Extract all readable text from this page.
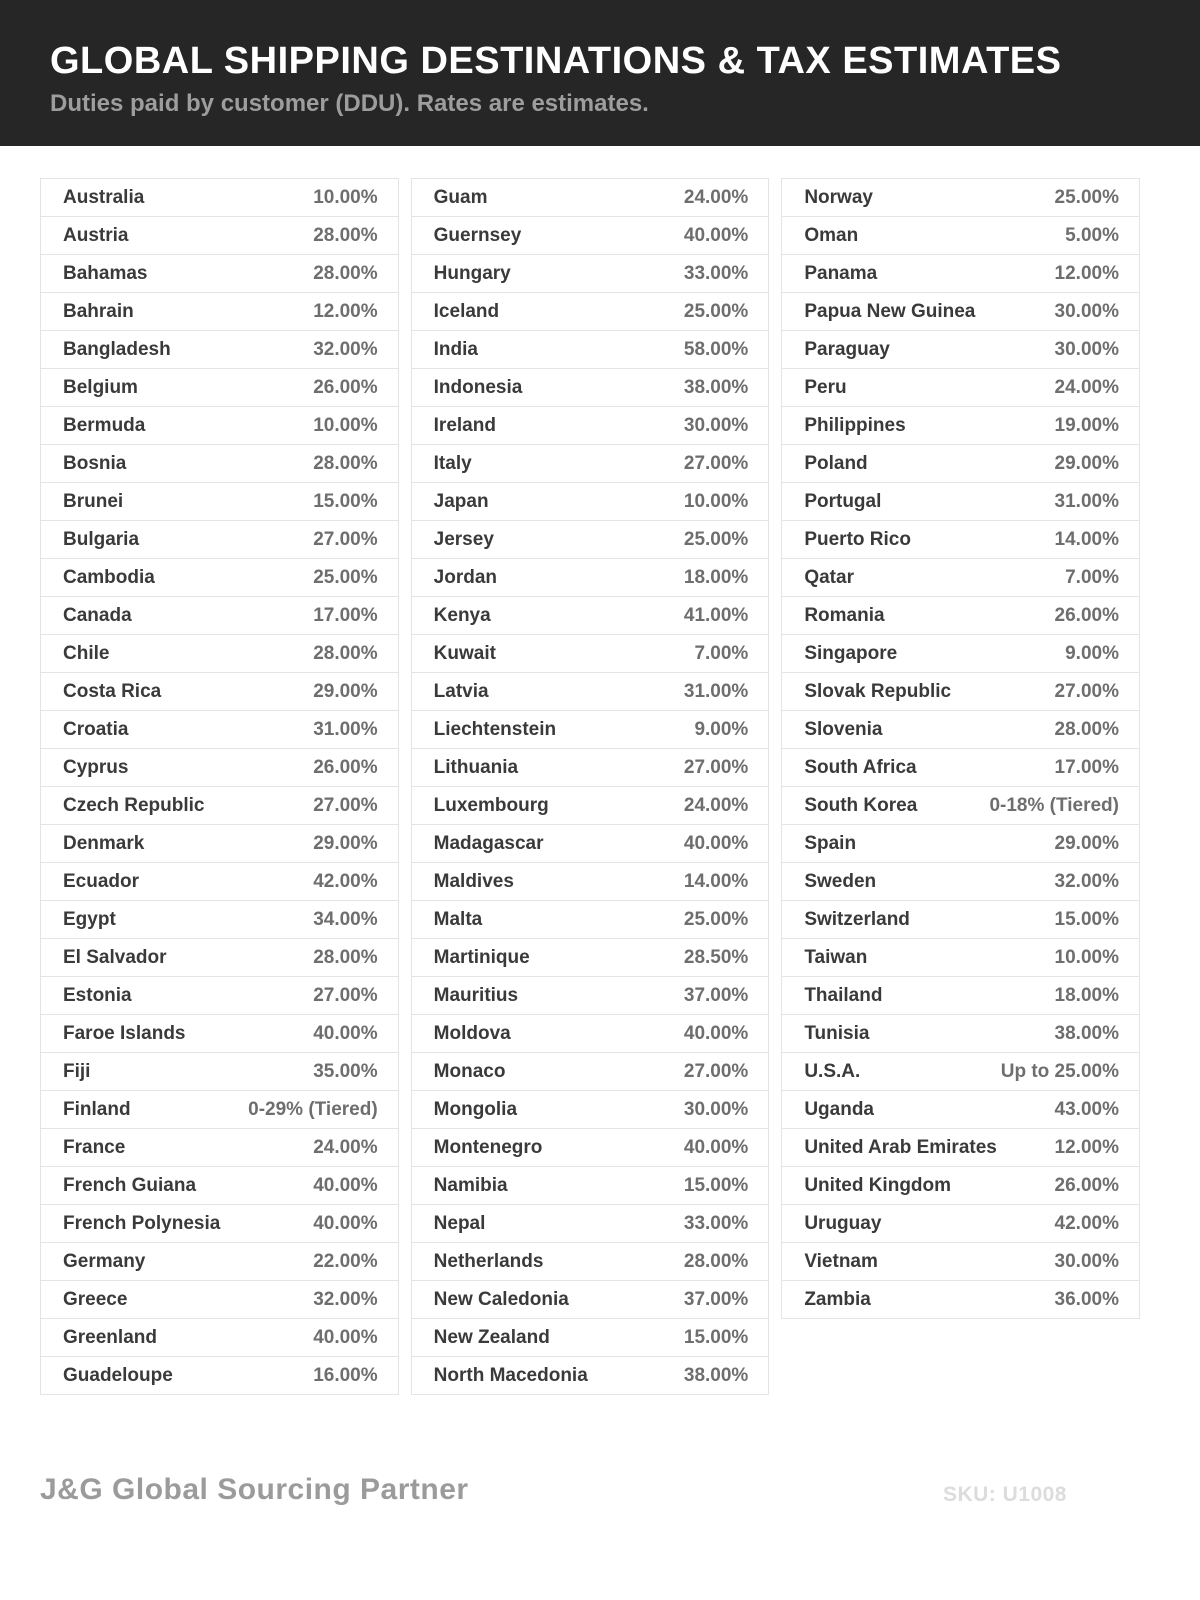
GLOBAL SHIPPING DESTINATIONS & TAX ESTIMATES
Duties paid by customer (DDU). Rates are estimates.
Australia	10.00%
Austria	28.00%
Bahamas	28.00%
Bahrain	12.00%
Bangladesh	32.00%
Belgium	26.00%
Bermuda	10.00%
Bosnia	28.00%
Brunei	15.00%
Bulgaria	27.00%
Cambodia	25.00%
Canada	17.00%
Chile	28.00%
Costa Rica	29.00%
Croatia	31.00%
Cyprus	26.00%
Czech Republic	27.00%
Denmark	29.00%
Ecuador	42.00%
Egypt	34.00%
El Salvador	28.00%
Estonia	27.00%
Faroe Islands	40.00%
Fiji	35.00%
Finland	0-29% (Tiered)
France	24.00%
French Guiana	40.00%
French Polynesia	40.00%
Germany	22.00%
Greece	32.00%
Greenland	40.00%
Guadeloupe	16.00%
Guam	24.00%
Guernsey	40.00%
Hungary	33.00%
Iceland	25.00%
India	58.00%
Indonesia	38.00%
Ireland	30.00%
Italy	27.00%
Japan	10.00%
Jersey	25.00%
Jordan	18.00%
Kenya	41.00%
Kuwait	7.00%
Latvia	31.00%
Liechtenstein	9.00%
Lithuania	27.00%
Luxembourg	24.00%
Madagascar	40.00%
Maldives	14.00%
Malta	25.00%
Martinique	28.50%
Mauritius	37.00%
Moldova	40.00%
Monaco	27.00%
Mongolia	30.00%
Montenegro	40.00%
Namibia	15.00%
Nepal	33.00%
Netherlands	28.00%
New Caledonia	37.00%
New Zealand	15.00%
North Macedonia	38.00%
Norway	25.00%
Oman	5.00%
Panama	12.00%
Papua New Guinea	30.00%
Paraguay	30.00%
Peru	24.00%
Philippines	19.00%
Poland	29.00%
Portugal	31.00%
Puerto Rico	14.00%
Qatar	7.00%
Romania	26.00%
Singapore	9.00%
Slovak Republic	27.00%
Slovenia	28.00%
South Africa	17.00%
South Korea	0-18% (Tiered)
Spain	29.00%
Sweden	32.00%
Switzerland	15.00%
Taiwan	10.00%
Thailand	18.00%
Tunisia	38.00%
U.S.A.	Up to 25.00%
Uganda	43.00%
United Arab Emirates	12.00%
United Kingdom	26.00%
Uruguay	42.00%
Vietnam	30.00%
Zambia	36.00%
J&G Global Sourcing Partner	SKU: U1008
